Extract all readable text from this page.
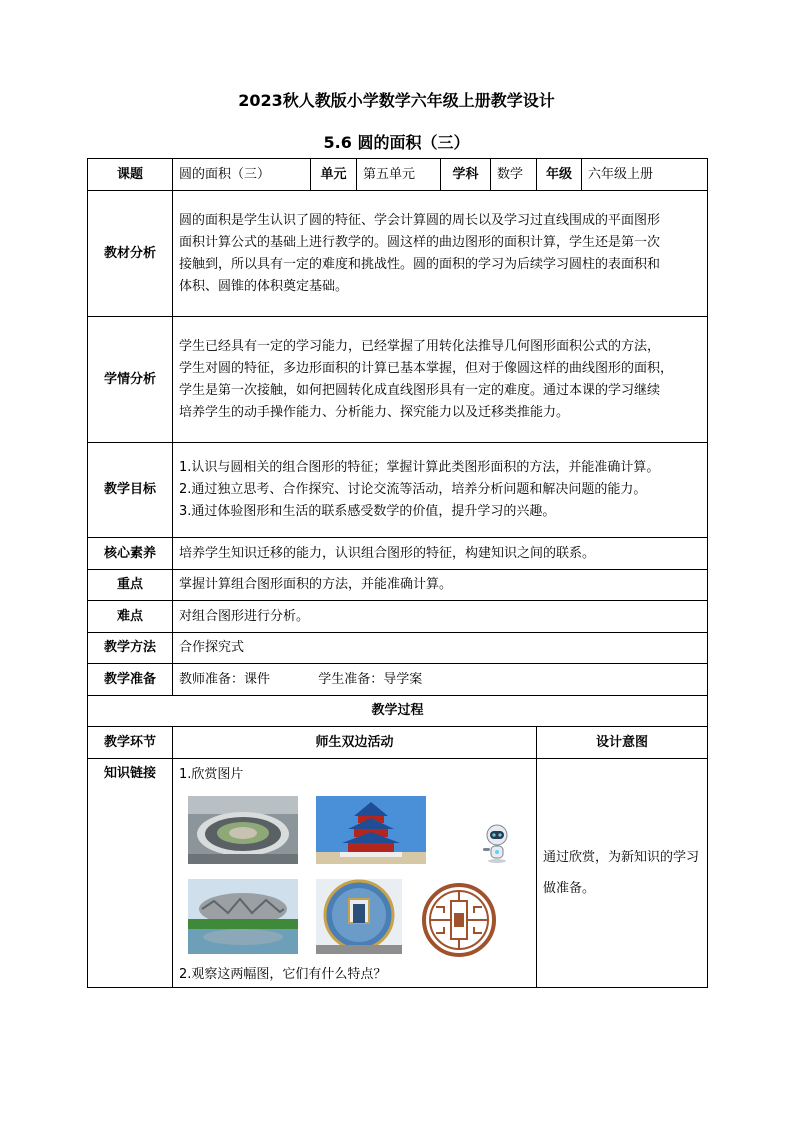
2023秋人教版小学数学六年级上册教学设计
5.6 圆的面积（三）
课题	圆的面积（三）	单元	第五单元	学科	数学	年级	六年级上册
教材分析	圆的面积是学生认识了圆的特征、学会计算圆的周长以及学习过直线围成的平面图形
面积计算公式的基础上进行教学的。圆这样的曲边图形的面积计算，学生还是第一次
接触到，所以具有一定的难度和挑战性。圆的面积的学习为后续学习圆柱的表面积和
体积、圆锥的体积奠定基础。						

学情分析	学生已经具有一定的学习能力，已经掌握了用转化法推导几何图形面积公式的方法，
学生对圆的特征，多边形面积的计算已基本掌握，但对于像圆这样的曲线图形的面积，
学生是第一次接触，如何把圆转化成直线图形具有一定的难度。通过本课的学习继续
培养学生的动手操作能力、分析能力、探究能力以及迁移类推能力。						

教学目标	1.认识与圆相关的组合图形的特征；掌握计算此类图形面积的方法，并能准确计算。
2.通过独立思考、合作探究、讨论交流等活动，培养分析问题和解决问题的能力。
3.通过体验图形和生活的联系感受数学的价值，提升学习的兴趣。						

核心素养	培养学生知识迁移的能力，认识组合图形的特征，构建知识之间的联系。						
重点	掌握计算组合图形面积的方法，并能准确计算。						
难点	对组合图形进行分析。						
教学方法	合作探究式						
教学准备	教师准备：课件 学生准备：导学案						
教学过程							
教学环节	师生双边活动					设计意图	
知识链接	1.欣赏图片
2.观察这两幅图，它们有什么特点？					通过欣赏，为新知识的学习
做准备。	
